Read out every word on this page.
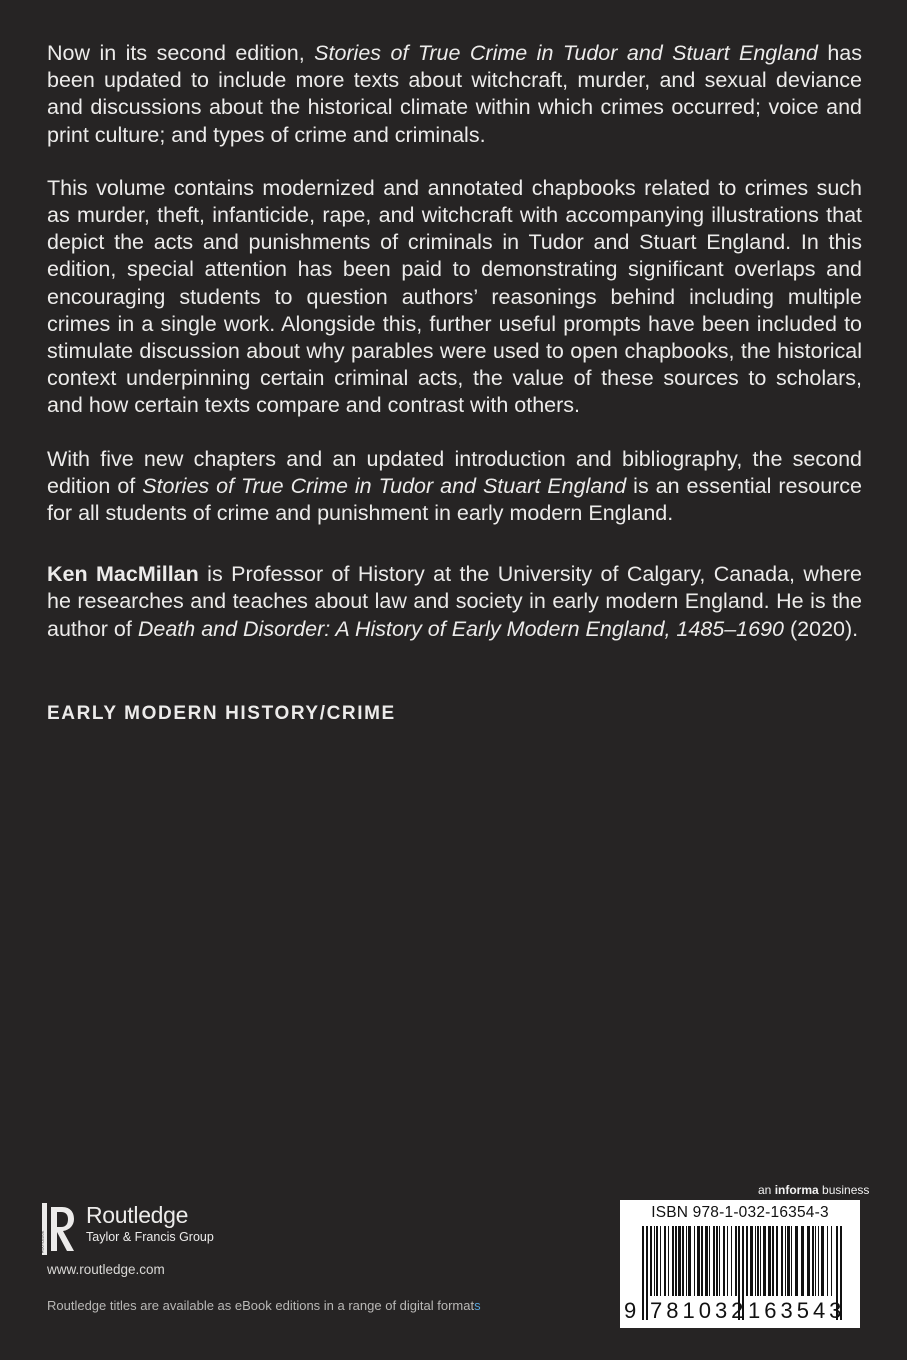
Now in its second edition, Stories of True Crime in Tudor and Stuart England has been updated to include more texts about witchcraft, murder, and sexual deviance and discussions about the historical climate within which crimes occurred; voice and print culture; and types of crime and criminals.

This volume contains modernized and annotated chapbooks related to crimes such as murder, theft, infanticide, rape, and witchcraft with accompanying illustrations that depict the acts and punishments of criminals in Tudor and Stuart England. In this edition, special attention has been paid to demonstrating significant overlaps and encouraging students to question authors’ reasonings behind including multiple crimes in a single work. Alongside this, further useful prompts have been included to stimulate discussion about why parables were used to open chapbooks, the historical context underpinning certain criminal acts, the value of these sources to scholars, and how certain texts compare and contrast with others.

With five new chapters and an updated introduction and bibliography, the second edition of Stories of True Crime in Tudor and Stuart England is an essential resource for all students of crime and punishment in early modern England.

Ken MacMillan is Professor of History at the University of Calgary, Canada, where he researches and teaches about law and society in early modern England. He is the author of Death and Disorder: A History of Early Modern England, 1485–1690 (2020).

EARLY MODERN HISTORY/CRIME
ROUTLEDGE
Routledge
Taylor & Francis Group
www.routledge.com
Routledge titles are available as eBook editions in a range of digital formats
an informa business
ISBN 978-1-032-16354-3
9 781032 163543
